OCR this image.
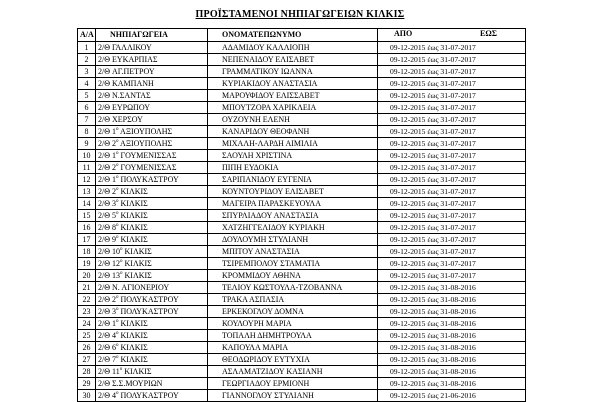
ΠΡΟΪΣΤΑΜΕΝΟΙ ΝΗΠΙΑΓΩΓΕΙΩΝ ΚΙΛΚΙΣ
Α/Α	ΝΗΠΙΑΓΩΓΕΙΑ	ΟΝΟΜΑΤΕΠΩΝΥΜΟ	ΑΠΟ ΕΩΣ

1	2/Θ ΓΑΛΛΙΚΟΥ	ΑΔΑΜΙΔΟΥ ΚΑΛΛΙΟΠΗ	09-12-2015 έως 31-07-2017
2	2/Θ ΕΥΚΑΡΠΙΑΣ	ΝΕΠΕΝΑΙΔΟΥ ΕΛΙΣΑΒΕΤ	09-12-2015 έως 31-07-2017
3	2/Θ ΑΓ.ΠΕΤΡΟΥ	ΓΡΑΜΜΑΤΙΚΟΥ ΙΩΑΝΝΑ	09-12-2015 έως 31-07-2017
4	2/Θ ΚΑΜΠΑΝΗ	ΚΥΡΙΑΚΙΔΟΥ ΑΝΑΣΤΑΣΙΑ	09-12-2015 έως 31-07-2017
5	2/Θ Ν.ΣΑΝΤΑΣ	ΜΑΡΟΥΦΙΔΟΥ ΕΛΙΣΣΑΒΕΤ	09-12-2015 έως 31-07-2017
6	2/Θ ΕΥΡΩΠΟΥ	ΜΠΟΥΤΖΟΡΑ ΧΑΡΙΚΛΕΙΑ	09-12-2015 έως 31-07-2017
7	2/Θ ΧΕΡΣΟΥ	ΟΥΖΟΥΝΗ ΕΛΕΝΗ	09-12-2015 έως 31-07-2017
8	2/Θ $1^o$ ΑΞΙΟΥΠΟΛΗΣ	ΚΑΝΑΡΙΔΟΥ ΘΕΟΦΑΝΗ	09-12-2015 έως 31-07-2017
9	2/Θ $2^o$ ΑΞΙΟΥΠΟΛΗΣ	ΜΙΧΑΛΗ-ΛΑΡΔΗ ΑΙΜΙΛΙΑ	09-12-2015 έως 31-07-2017
10	2/Θ $1^o$ ΓΟΥΜΕΝΙΣΣΑΣ	ΣΑΟΥΛΗ ΧΡΙΣΤΙΝΑ	09-12-2015 έως 31-07-2017
11	2/Θ $2^o$ ΓΟΥΜΕΝΙΣΣΑΣ	ΠΙΠΗ ΕΥΔΟΚΙΑ	09-12-2015 έως 31-07-2017
12	2/Θ $1^o$ ΠΟΛΥΚΑΣΤΡΟΥ	ΣΑΡΙΠΑΝΙΔΟΥ ΕΥΓΕΝΙΑ	09-12-2015 έως 31-07-2017
13	2/Θ $2^o$ ΚΙΛΚΙΣ	ΚΟΥΝΤΟΥΡΙΔΟΥ ΕΛΙΣΑΒΕΤ	09-12-2015 έως 31-07-2017
14	2/Θ $3^o$ ΚΙΛΚΙΣ	ΜΑΓΕΙΡΑ ΠΑΡΑΣΚΕΥΟΥΛΑ	09-12-2015 έως 31-07-2017
15	2/Θ $5^o$ ΚΙΛΚΙΣ	ΣΠΥΡΛΙΑΔΟΥ ΑΝΑΣΤΑΣΙΑ	09-12-2015 έως 31-07-2017
16	2/Θ $8^o$ ΚΙΛΚΙΣ	ΧΑΤΖΗΓΓΕΛΙΔΟΥ ΚΥΡΙΑΚΗ	09-12-2015 έως 31-07-2017
17	2/Θ $9^o$ ΚΙΛΚΙΣ	ΔΟΥΛΟΥΜΗ ΣΤΥΛΙΑΝΗ	09-12-2015 έως 31-07-2017
18	2/Θ $10^o$ ΚΙΛΚΙΣ	ΜΠΙΤΟΥ ΑΝΑΣΤΑΣΙΑ	09-12-2015 έως 31-07-2017
19	2/Θ $12^o$ ΚΙΛΚΙΣ	ΤΣΙΡΕΜΠΟΛΟΥ ΣΤΑΜΑΤΙΑ	09-12-2015 έως 31-07-2017
20	2/Θ $13^o$ ΚΙΛΚΙΣ	ΚΡΟΜΜΙΔΟΥ ΑΘΗΝΑ	09-12-2015 έως 31-07-2017
21	2/Θ Ν. ΑΓΙΟΝΕΡΙΟΥ	ΤΕΛΙΟΥ ΚΩΣΤΟΥΛΑ-ΤΖΟΒΑΝΝΑ	09-12-2015 έως 31-08-2016
22	2/Θ $2^o$ ΠΟΛΥΚΑΣΤΡΟΥ	ΤΡΑΚΑ ΑΣΠΑΣΙΑ	09-12-2015 έως 31-08-2016
23	2/Θ $3^o$ ΠΟΛΥΚΑΣΤΡΟΥ	ΕΡΚΕΚΟΓΛΟΥ ΔΟΜΝΑ	09-12-2015 έως 31-08-2016
24	2/Θ $1^o$ ΚΙΛΚΙΣ	ΚΟΥΛΟΥΡΗ ΜΑΡΙΑ	09-12-2015 έως 31-08-2016
25	2/Θ $4^o$ ΚΙΛΚΙΣ	ΤΟΠΑΛΗ ΔΗΜΗΤΡΟΥΛΑ	09-12-2015 έως 31-08-2016
26	2/Θ $6^o$ ΚΙΛΚΙΣ	ΚΑΠΟΥΛΑ ΜΑΡΙΑ	09-12-2015 έως 31-08-2016
27	2/Θ $7^o$ ΚΙΛΚΙΣ	ΘΕΟΔΩΡΙΔΟΥ ΕΥΤΥΧΙΑ	09-12-2015 έως 31-08-2016
28	2/Θ $11^o$ ΚΙΛΚΙΣ	ΑΣΛΑΜΑΤΖΙΔΟΥ ΚΑΣΙΑΝΗ	09-12-2015 έως 31-08-2016
29	2/Θ Σ.Σ.ΜΟΥΡΙΩΝ	ΓΕΩΡΓΙΑΔΟΥ ΕΡΜΙΟΝΗ	09-12-2015 έως 31-08-2016
30	2/Θ $4^o$ ΠΟΛΥΚΑΣΤΡΟΥ	ΓΙΑΝΝΟΓΛΟΥ ΣΤΥΛΙΑΝΗ	09-12-2015 έως 21-06-2016
